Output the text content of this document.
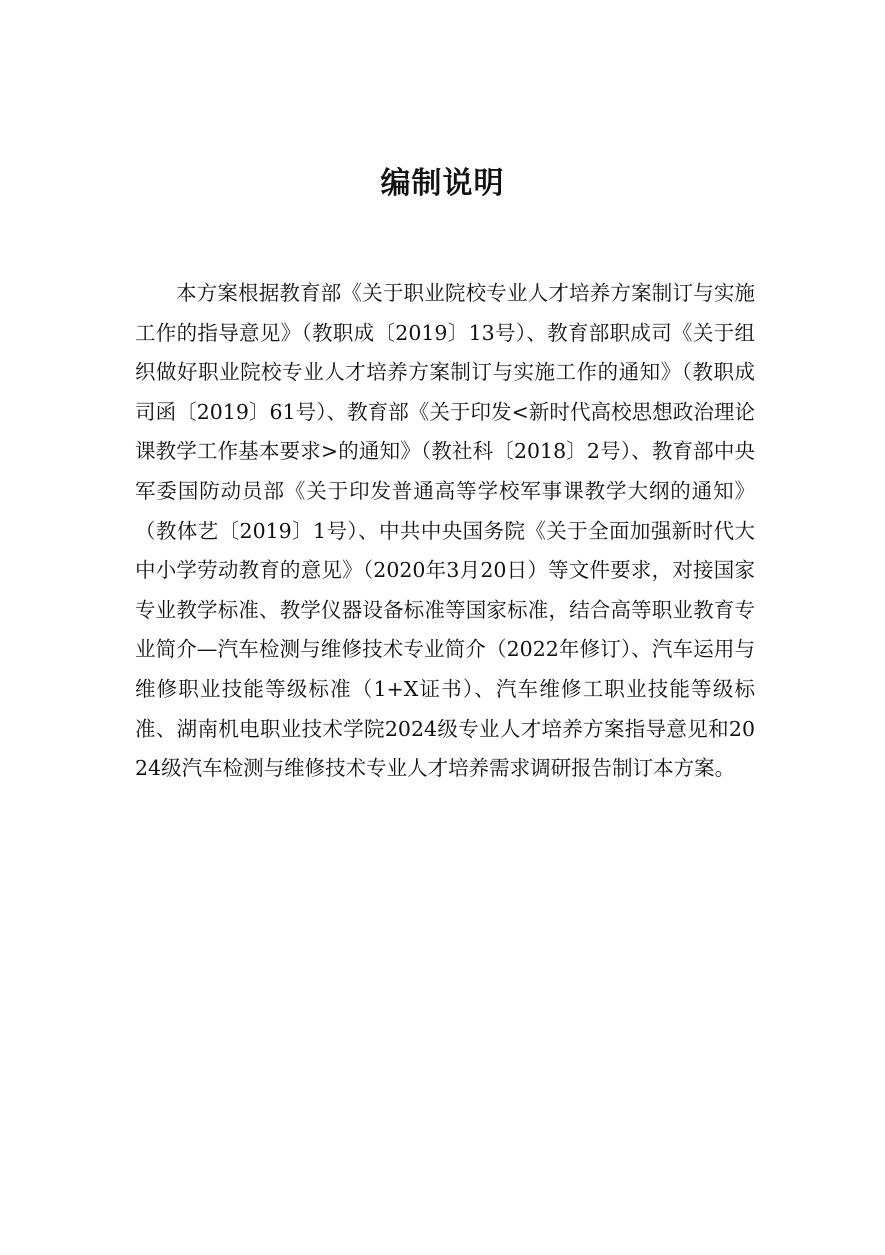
编制说明

本方案根据教育部《关于职业院校专业人才培养方案制订与实施工作的指导意见》（教职成〔2019〕13号）、教育部职成司《关于组织做好职业院校专业人才培养方案制订与实施工作的通知》（教职成司函〔2019〕61号）、教育部《关于印发<新时代高校思想政治理论课教学工作基本要求>的通知》（教社科〔2018〕2号）、教育部中央军委国防动员部《关于印发普通高等学校军事课教学大纲的通知》（教体艺〔2019〕1号）、中共中央国务院《关于全面加强新时代大中小学劳动教育的意见》（2020年3月20日）等文件要求，对接国家专业教学标准、教学仪器设备标准等国家标准，结合高等职业教育专业简介—汽车检测与维修技术专业简介（2022年修订）、汽车运用与维修职业技能等级标准（1+X证书）、汽车维修工职业技能等级标准、湖南机电职业技术学院2024级专业人才培养方案指导意见和2024级汽车检测与维修技术专业人才培养需求调研报告制订本方案。
